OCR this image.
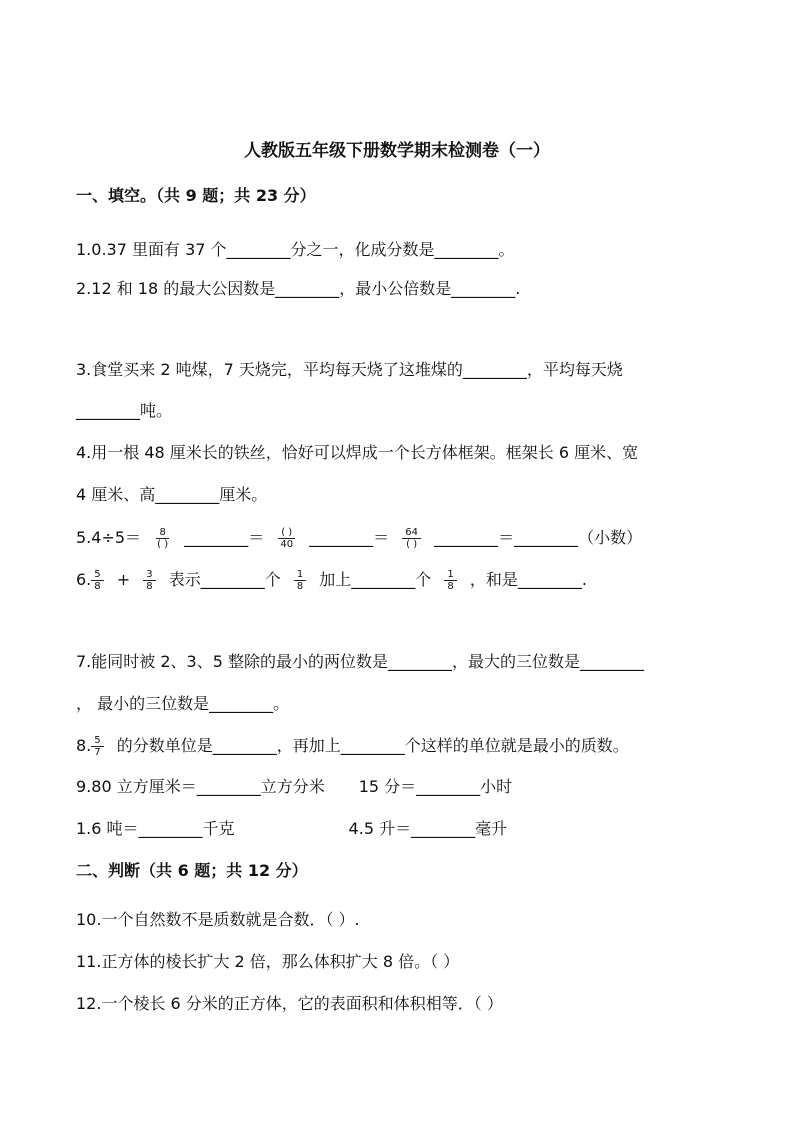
人教版五年级下册数学期末检测卷（一）
一、填空。（共 9 题；共 23 分）
1.0.37 里面有 37 个________分之一，化成分数是________。
2.12 和 18 的最大公因数是________，最小公倍数是________.
3.食堂买来 2 吨煤，7 天烧完，平均每天烧了这堆煤的________，平均每天烧
________吨。
4.用一根 48 厘米长的铁丝，恰好可以焊成一个长方体框架。框架长 6 厘米、宽
4 厘米、高________厘米。
$5.4\div 5= \frac{8}{( )}$ ________＝ $\frac{( )}{40}$ ________＝ $\frac{64}{( )}$ ________＝________（小数）
6. $\frac{5}{8} + \frac{3}{8}$ 表示________个 $\frac{1}{8}$ 加上________个 $\frac{1}{8}$ ，和是________.
7.能同时被 2、3、5 整除的最小的两位数是________，最大的三位数是________
， 最小的三位数是________。
8. $\frac{5}{7}$ 的分数单位是________，再加上________个这样的单位就是最小的质数。
9.80 立方厘米＝________立方分米 15 分＝________小时
1.6 吨＝________千克	4.5 升＝________毫升
二、判断（共 6 题；共 12 分）
10.一个自然数不是质数就是合数．（ ）.
11.正方体的棱长扩大 2 倍，那么体积扩大 8 倍。（ ）
12.一个棱长 6 分米的正方体，它的表面积和体积相等．（ ）
